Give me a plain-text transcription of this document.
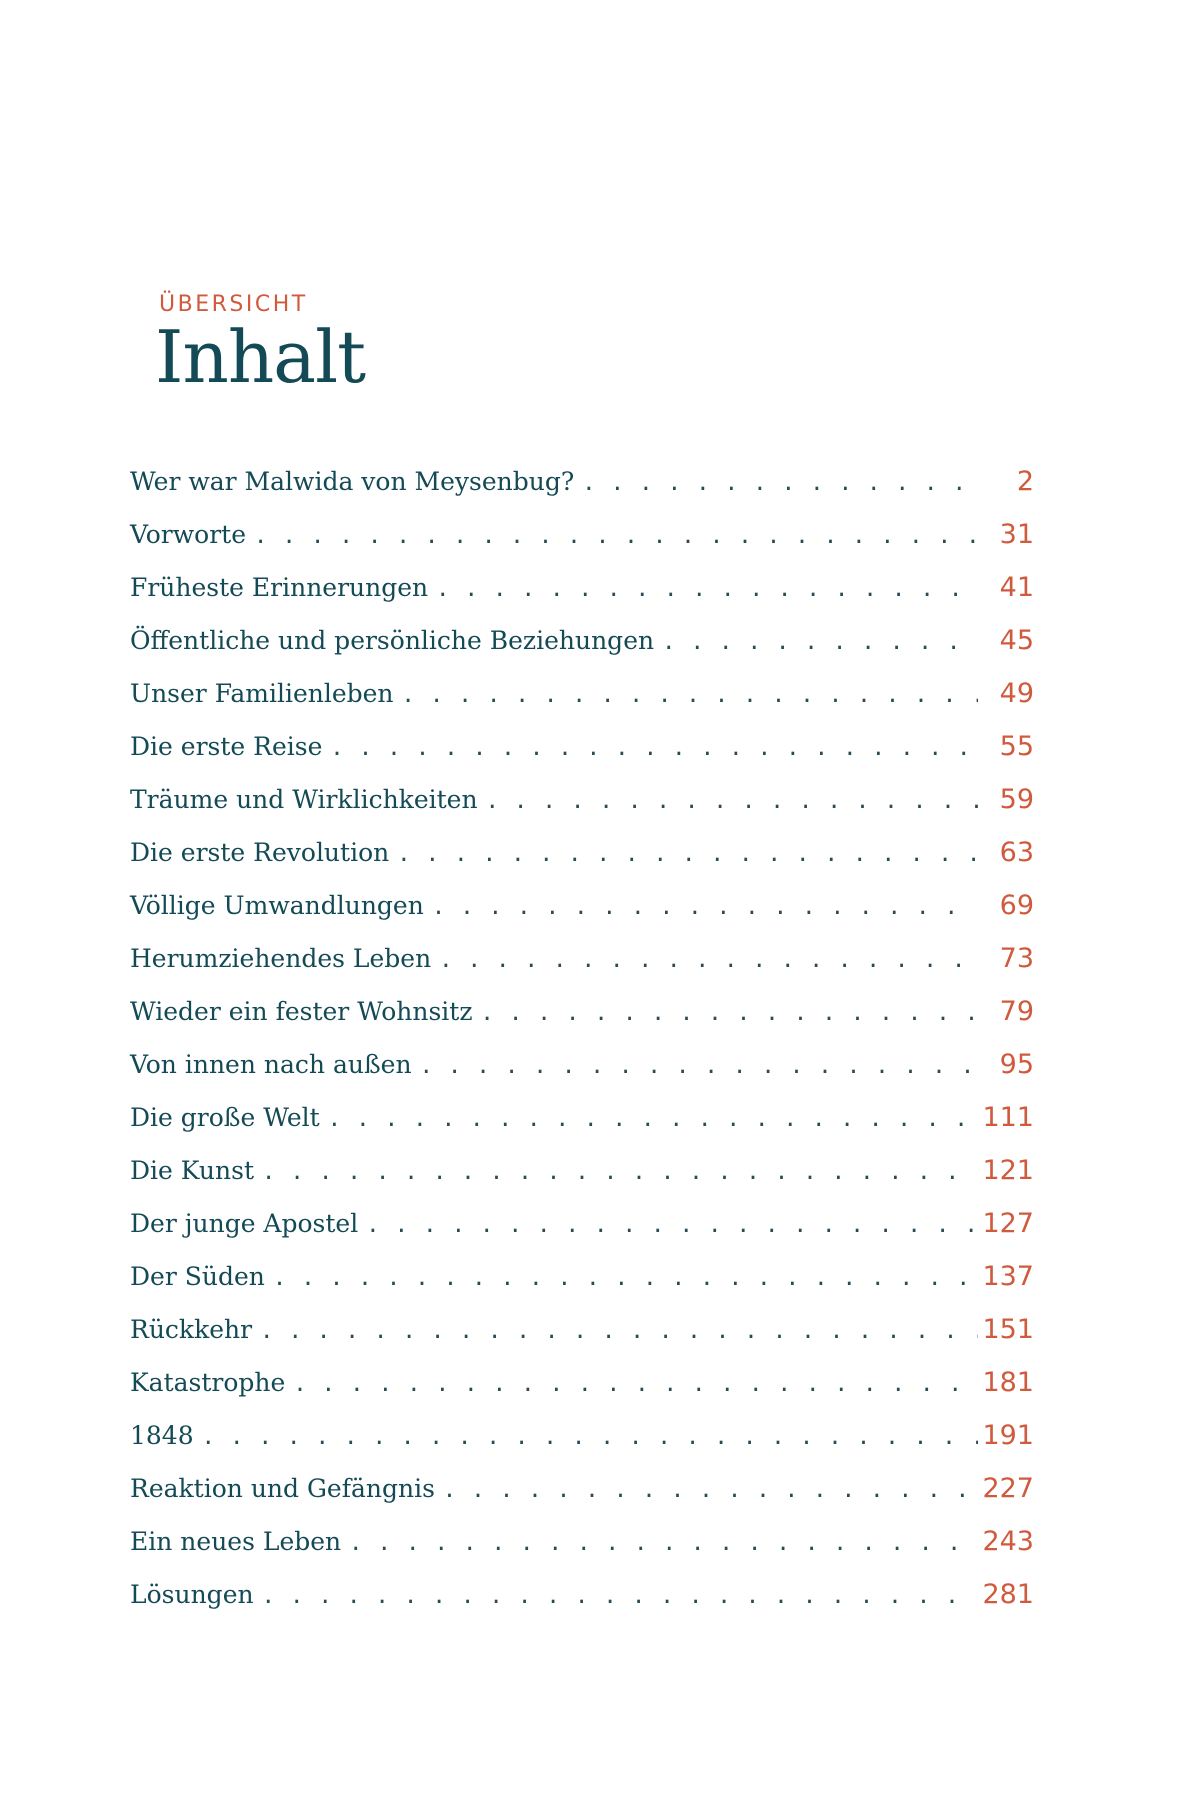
ÜBERSICHT
Inhalt
Wer war Malwida von Meysenbug? . . .	2
Vorworte . . .	31
Früheste Erinnerungen . . .	41
Öffentliche und persönliche Beziehungen . . .	45
Unser Familienleben . . .	49
Die erste Reise . . .	55
Träume und Wirklichkeiten . . .	59
Die erste Revolution . . .	63
Völlige Umwandlungen . . .	69
Herumziehendes Leben . . .	73
Wieder ein fester Wohnsitz . . .	79
Von innen nach außen . . .	95
Die große Welt . . .	111
Die Kunst . . .	121
Der junge Apostel . . .	127
Der Süden . . .	137
Rückkehr . . .	151
Katastrophe . . .	181
1848 . . .	191
Reaktion und Gefängnis . . .	227
Ein neues Leben . . .	243
Lösungen . . .	281
